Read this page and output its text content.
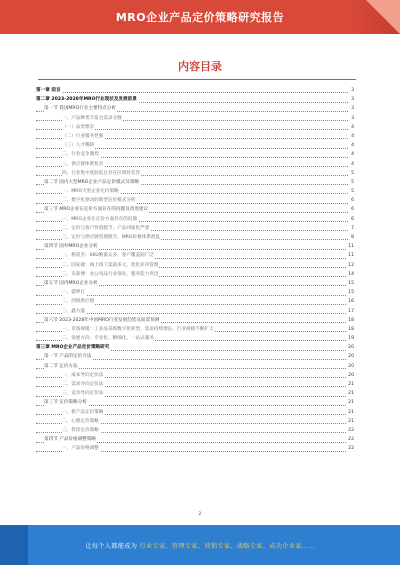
MRO企业产品定价策略研究报告
内容目录
第一章 前言	3
第二章 2023-2028年MRO行业现状及发展前景	3
第一节 我国MRO行业主要特点分析	3
一、产品种类丰富且需求分散	3
（一）品类繁杂	4
（二）行业服务性强	4
（三）人才稀缺	4
二、行业竞争激烈	4
三、供应链体系复杂	4
四、行业集中度较低且存在区域性差异	5
第二节 国内大型MRO企业产品定价模式及策略	5
一、MRO大型企业定价策略	5
二、数字化驱动的新型定价模式分析	6
第三节 MRO企业在定价方面存在的问题及改进建议	6
一、MRO企业在定价方面存在的问题	6
二、定价与客户价值脱节，产品同质化严重	7
三、定价与供应链管理脱节，MRO价格体系混乱	8
第四节 国外MRO企业分析	11
一、格雷杰：SKU数量众多，客户覆盖面广泛	11
二、固安捷：线上线下渠道多元，优化库存管理	12
三、史泰博：办公用品行业领先，服务能力突出	14
第五节 国内MRO企业分析	15
一、震坤行	15
二、西域供应链	16
三、鑫方盛	17
第六节 2023-2028年中国MRO行业发展趋势及前景预测	18
一、市场规模：工业品采购数字化转型，需求持续增长，行业规模不断扩大	18
二、发展方向：专业化、精细化、一站式服务	19
第三章 MRO企业产品定价策略研究	20
第一节 产品的定价方法	20
第二节 定价方法	20
一、成本导向定价法	20
二、需求导向定价法	21
三、竞争导向定价法	21
第三节 定价策略分析	21
一、新产品定价策略	21
二、心理定价策略	21
三、折扣定价策略	22
第四节 产品价格调整策略	22
一、产品价格调整	22
2
让每个人都能成为 行业专家、管理专家、营销专家、战略专家、成功企业家……
